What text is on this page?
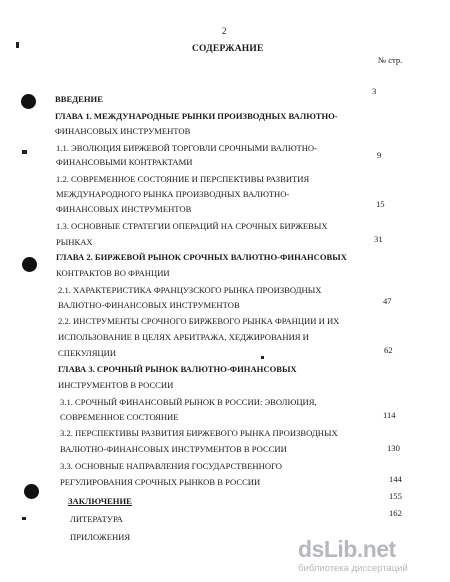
2
СОДЕРЖАНИЕ
№ стр.
ВВЕДЕНИЕ
ГЛАВА 1. МЕЖДУНАРОДНЫЕ РЫНКИ ПРОИЗВОДНЫХ ВАЛЮТНО-
ФИНАНСОВЫХ ИНСТРУМЕНТОВ
1.1. ЭВОЛЮЦИЯ БИРЖЕВОЙ ТОРГОВЛИ СРОЧНЫМИ ВАЛЮТНО-
ФИНАНСОВЫМИ КОНТРАКТАМИ
1.2. СОВРЕМЕННОЕ СОСТОЯНИЕ И ПЕРСПЕКТИВЫ РАЗВИТИЯ
МЕЖДУНАРОДНОГО РЫНКА ПРОИЗВОДНЫХ ВАЛЮТНО-
ФИНАНСОВЫХ ИНСТРУМЕНТОВ
1.3. ОСНОВНЫЕ СТРАТЕГИИ ОПЕРАЦИЙ НА СРОЧНЫХ БИРЖЕВЫХ
РЫНКАХ
ГЛАВА 2. БИРЖЕВОЙ РЫНОК СРОЧНЫХ ВАЛЮТНО-ФИНАНСОВЫХ
КОНТРАКТОВ ВО ФРАНЦИИ
2.1. ХАРАКТЕРИСТИКА ФРАНЦУЗСКОГО РЫНКА ПРОИЗВОДНЫХ
ВАЛЮТНО-ФИНАНСОВЫХ ИНСТРУМЕНТОВ
2.2. ИНСТРУМЕНТЫ СРОЧНОГО БИРЖЕВОГО РЫНКА ФРАНЦИИ И ИХ
ИСПОЛЬЗОВАНИЕ В ЦЕЛЯХ АРБИТРАЖА, ХЕДЖИРОВАНИЯ И
СПЕКУЛЯЦИИ
ГЛАВА 3. СРОЧНЫЙ РЫНОК ВАЛЮТНО-ФИНАНСОВЫХ
ИНСТРУМЕНТОВ В РОССИИ
3.1. СРОЧНЫЙ ФИНАНСОВЫЙ РЫНОК В РОССИИ: ЭВОЛЮЦИЯ,
СОВРЕМЕННОЕ СОСТОЯНИЕ
3.2. ПЕРСПЕКТИВЫ РАЗВИТИЯ БИРЖЕВОГО РЫНКА ПРОИЗВОДНЫХ
ВАЛЮТНО-ФИНАНСОВЫХ ИНСТРУМЕНТОВ В РОССИИ
3.3. ОСНОВНЫЕ НАПРАВЛЕНИЯ ГОСУДАРСТВЕННОГО
РЕГУЛИРОВАНИЯ СРОЧНЫХ РЫНКОВ В РОССИИ
ЗАКЛЮЧЕНИЕ
ЛИТЕРАТУРА
ПРИЛОЖЕНИЯ
3
9
15
31
47
62
114
130
144
155
162
dsLib.net
библиотека диссертаций
